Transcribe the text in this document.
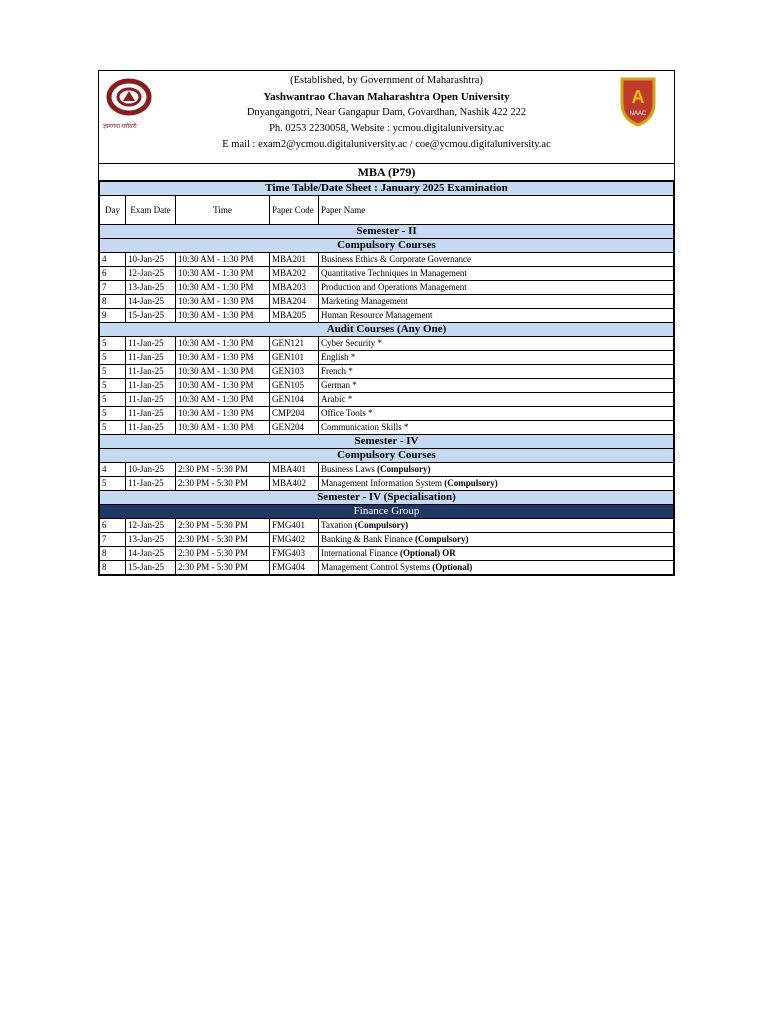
ज्ञानगंगा घरोघरी
A
NAAC
(Established, by Government of Maharashtra)
Yashwantrao Chavan Maharashtra Open University
Dnyangangotri, Near Gangapur Dam, Govardhan, Nashik 422 222
Ph. 0253 2230058, Website : ycmou.digitaluniversity.ac
E mail : exam2@ycmou.digitaluniversity.ac / coe@ycmou.digitaluniversity.ac
MBA (P79)
Time Table/Date Sheet : January 2025 Examination				
Day	Exam Date	Time	Paper Code	Paper Name
Semester - II				
Compulsory Courses				
4	10-Jan-25	10:30 AM - 1:30 PM	MBA201	Business Ethics & Corporate Governance
6	12-Jan-25	10:30 AM - 1:30 PM	MBA202	Quantitative Techniques in Management
7	13-Jan-25	10:30 AM - 1:30 PM	MBA203	Production and Operations Management
8	14-Jan-25	10:30 AM - 1:30 PM	MBA204	Marketing Management
9	15-Jan-25	10:30 AM - 1:30 PM	MBA205	Human Resource Management
Audit Courses (Any One)				
5	11-Jan-25	10:30 AM - 1:30 PM	GEN121	Cyber Security *
5	11-Jan-25	10:30 AM - 1:30 PM	GEN101	English *
5	11-Jan-25	10:30 AM - 1:30 PM	GEN103	French *
5	11-Jan-25	10:30 AM - 1:30 PM	GEN105	German *
5	11-Jan-25	10:30 AM - 1:30 PM	GEN104	Arabic *
5	11-Jan-25	10:30 AM - 1:30 PM	CMP204	Office Tools *
5	11-Jan-25	10:30 AM - 1:30 PM	GEN204	Communication Skills *
Semester - IV				
Compulsory Courses				
4	10-Jan-25	2:30 PM - 5:30 PM	MBA401	Business Laws (Compulsory)
5	11-Jan-25	2:30 PM - 5:30 PM	MBA402	Management Information System (Compulsory)
Semester - IV (Specialisation)				
Finance Group				
6	12-Jan-25	2:30 PM - 5:30 PM	FMG401	Taxation (Compulsory)
7	13-Jan-25	2:30 PM - 5:30 PM	FMG402	Banking & Bank Finance (Compulsory)
8	14-Jan-25	2:30 PM - 5:30 PM	FMG403	International Finance (Optional) OR
8	15-Jan-25	2:30 PM - 5:30 PM	FMG404	Management Control Systems (Optional)
